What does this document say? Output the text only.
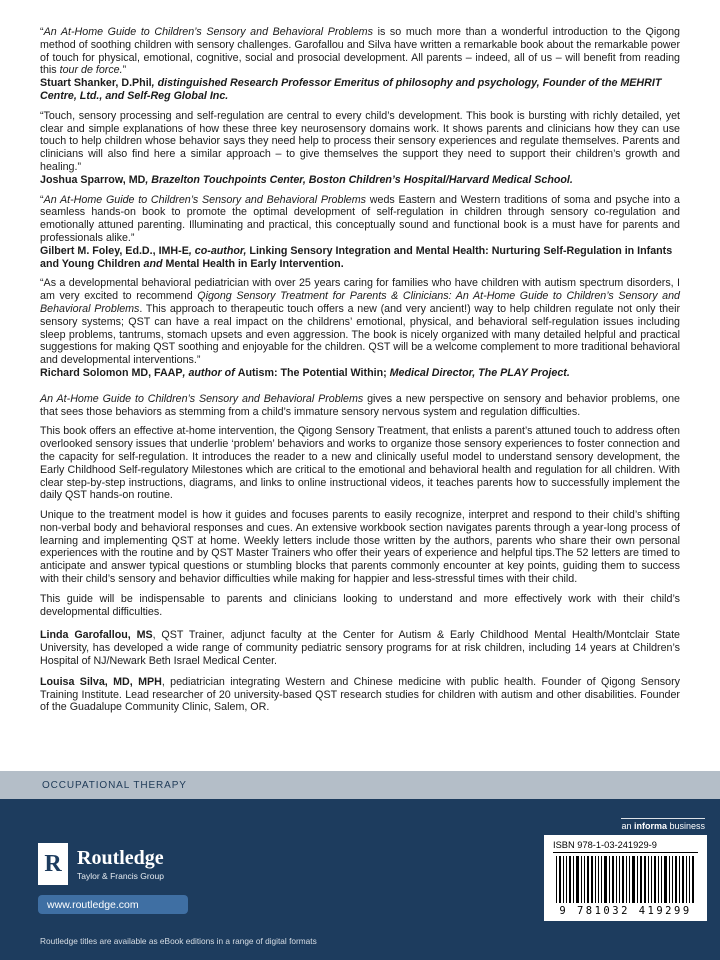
“An At-Home Guide to Children’s Sensory and Behavioral Problems is so much more than a wonderful introduction to the Qigong method of soothing children with sensory challenges. Garofallou and Silva have written a remarkable book about the remarkable power of touch for physical, emotional, cognitive, social and prosocial development. All parents – indeed, all of us – will benefit from reading this tour de force.”

Stuart Shanker, D.Phil, distinguished Research Professor Emeritus of philosophy and psychology, Founder of the MEHRIT Centre, Ltd., and Self-Reg Global Inc.

“Touch, sensory processing and self-regulation are central to every child’s development. This book is bursting with richly detailed, yet clear and simple explanations of how these three key neurosensory domains work. It shows parents and clinicians how they can use touch to help children whose behavior says they need help to process their sensory experiences and regulate themselves. Parents and clinicians will also find here a similar approach – to give themselves the support they need to support their children’s growth and healing.”

Joshua Sparrow, MD, Brazelton Touchpoints Center, Boston Children’s Hospital/Harvard Medical School.

“An At-Home Guide to Children’s Sensory and Behavioral Problems weds Eastern and Western traditions of soma and psyche into a seamless hands-on book to promote the optimal development of self-regulation in children through sensory co-regulation and emotionally attuned parenting. Illuminating and practical, this conceptually sound and functional book is a must have for parents and professionals alike.”

Gilbert M. Foley, Ed.D., IMH-E, co-author, Linking Sensory Integration and Mental Health: Nurturing Self-Regulation in Infants and Young Children and Mental Health in Early Intervention.

“As a developmental behavioral pediatrician with over 25 years caring for families who have children with autism spectrum disorders, I am very excited to recommend Qigong Sensory Treatment for Parents & Clinicians: An At-Home Guide to Children’s Sensory and Behavioral Problems. This approach to therapeutic touch offers a new (and very ancient!) way to help children regulate not only their sensory systems; QST can have a real impact on the childrens’ emotional, physical, and behavioral self-regulation issues including sleep problems, tantrums, stomach upsets and even aggression. The book is nicely organized with many detailed helpful and practical suggestions for making QST soothing and enjoyable for the children. QST will be a welcome complement to more traditional behavioral and developmental interventions.”

Richard Solomon MD, FAAP, author of Autism: The Potential Within; Medical Director, The PLAY Project.

An At-Home Guide to Children’s Sensory and Behavioral Problems gives a new perspective on sensory and behavior problems, one that sees those behaviors as stemming from a child’s immature sensory nervous system and regulation difficulties.

This book offers an effective at-home intervention, the Qigong Sensory Treatment, that enlists a parent’s attuned touch to address often overlooked sensory issues that underlie ‘problem’ behaviors and works to organize those sensory experiences to foster connection and the capacity for self-regulation. It introduces the reader to a new and clinically useful model to understand sensory development, the Early Childhood Self-regulatory Milestones which are critical to the emotional and behavioral health and regulation for all children. With clear step-by-step instructions, diagrams, and links to online instructional videos, it teaches parents how to successfully implement the daily QST hands-on routine.

Unique to the treatment model is how it guides and focuses parents to easily recognize, interpret and respond to their child’s shifting non-verbal body and behavioral responses and cues. An extensive workbook section navigates parents through a year-long process of learning and implementing QST at home. Weekly letters include those written by the authors, parents who share their own personal experiences with the routine and by QST Master Trainers who offer their years of experience and helpful tips.The 52 letters are timed to anticipate and answer typical questions or stumbling blocks that parents commonly encounter at key points, guiding them to success with their child’s sensory and behavior difficulties while making for happier and less-stressful times with their child.

This guide will be indispensable to parents and clinicians looking to understand and more effectively work with their child’s developmental difficulties.

Linda Garofallou, MS, QST Trainer, adjunct faculty at the Center for Autism & Early Childhood Mental Health/Montclair State University, has developed a wide range of community pediatric sensory programs for at risk children, including 14 years at Children’s Hospital of NJ/Newark Beth Israel Medical Center.

Louisa Silva, MD, MPH, pediatrician integrating Western and Chinese medicine with public health. Founder of Qigong Sensory Training Institute. Lead researcher of 20 university-based QST research studies for children with autism and other disabilities. Founder of the Guadalupe Community Clinic, Salem, OR.

OCCUPATIONAL THERAPY
R Routledge
Taylor & Francis Group
www.routledge.com
Routledge titles are available as eBook editions in a range of digital formats
an informa business
ISBN 978-1-03-241929-9
9 781032 419299
